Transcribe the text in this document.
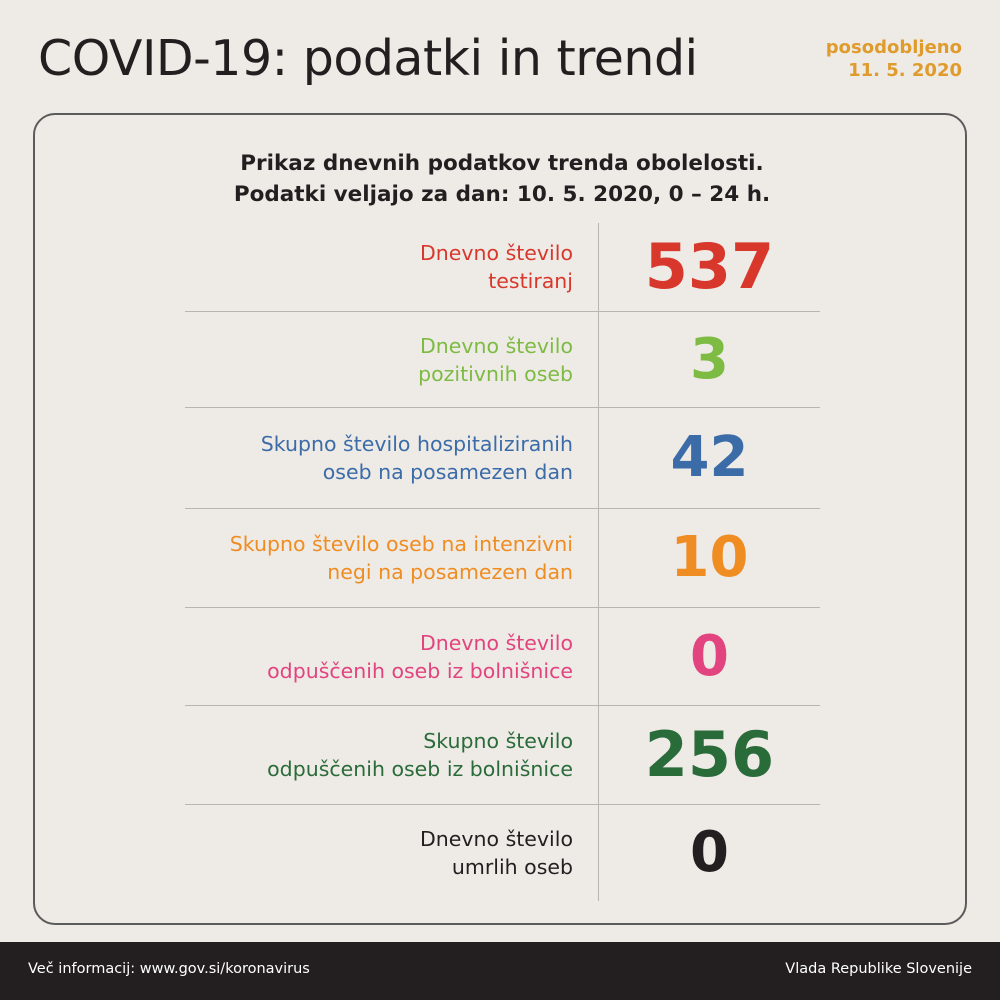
COVID-19: podatki in trendi	posodobljeno
11. 5. 2020
Prikaz dnevnih podatkov trenda obolelosti.
Podatki veljajo za dan: 10. 5. 2020, 0 – 24 h.
Dnevno število
testiranj	537
Dnevno število
pozitivnih oseb	3
Skupno število hospitaliziranih
oseb na posamezen dan	42
Skupno število oseb na intenzivni
negi na posamezen dan	10
Dnevno število
odpuščenih oseb iz bolnišnice	0
Skupno število
odpuščenih oseb iz bolnišnice	256
Dnevno število
umrlih oseb	0
Več informacij: www.gov.si/koronavirus	Vlada Republike Slovenije
